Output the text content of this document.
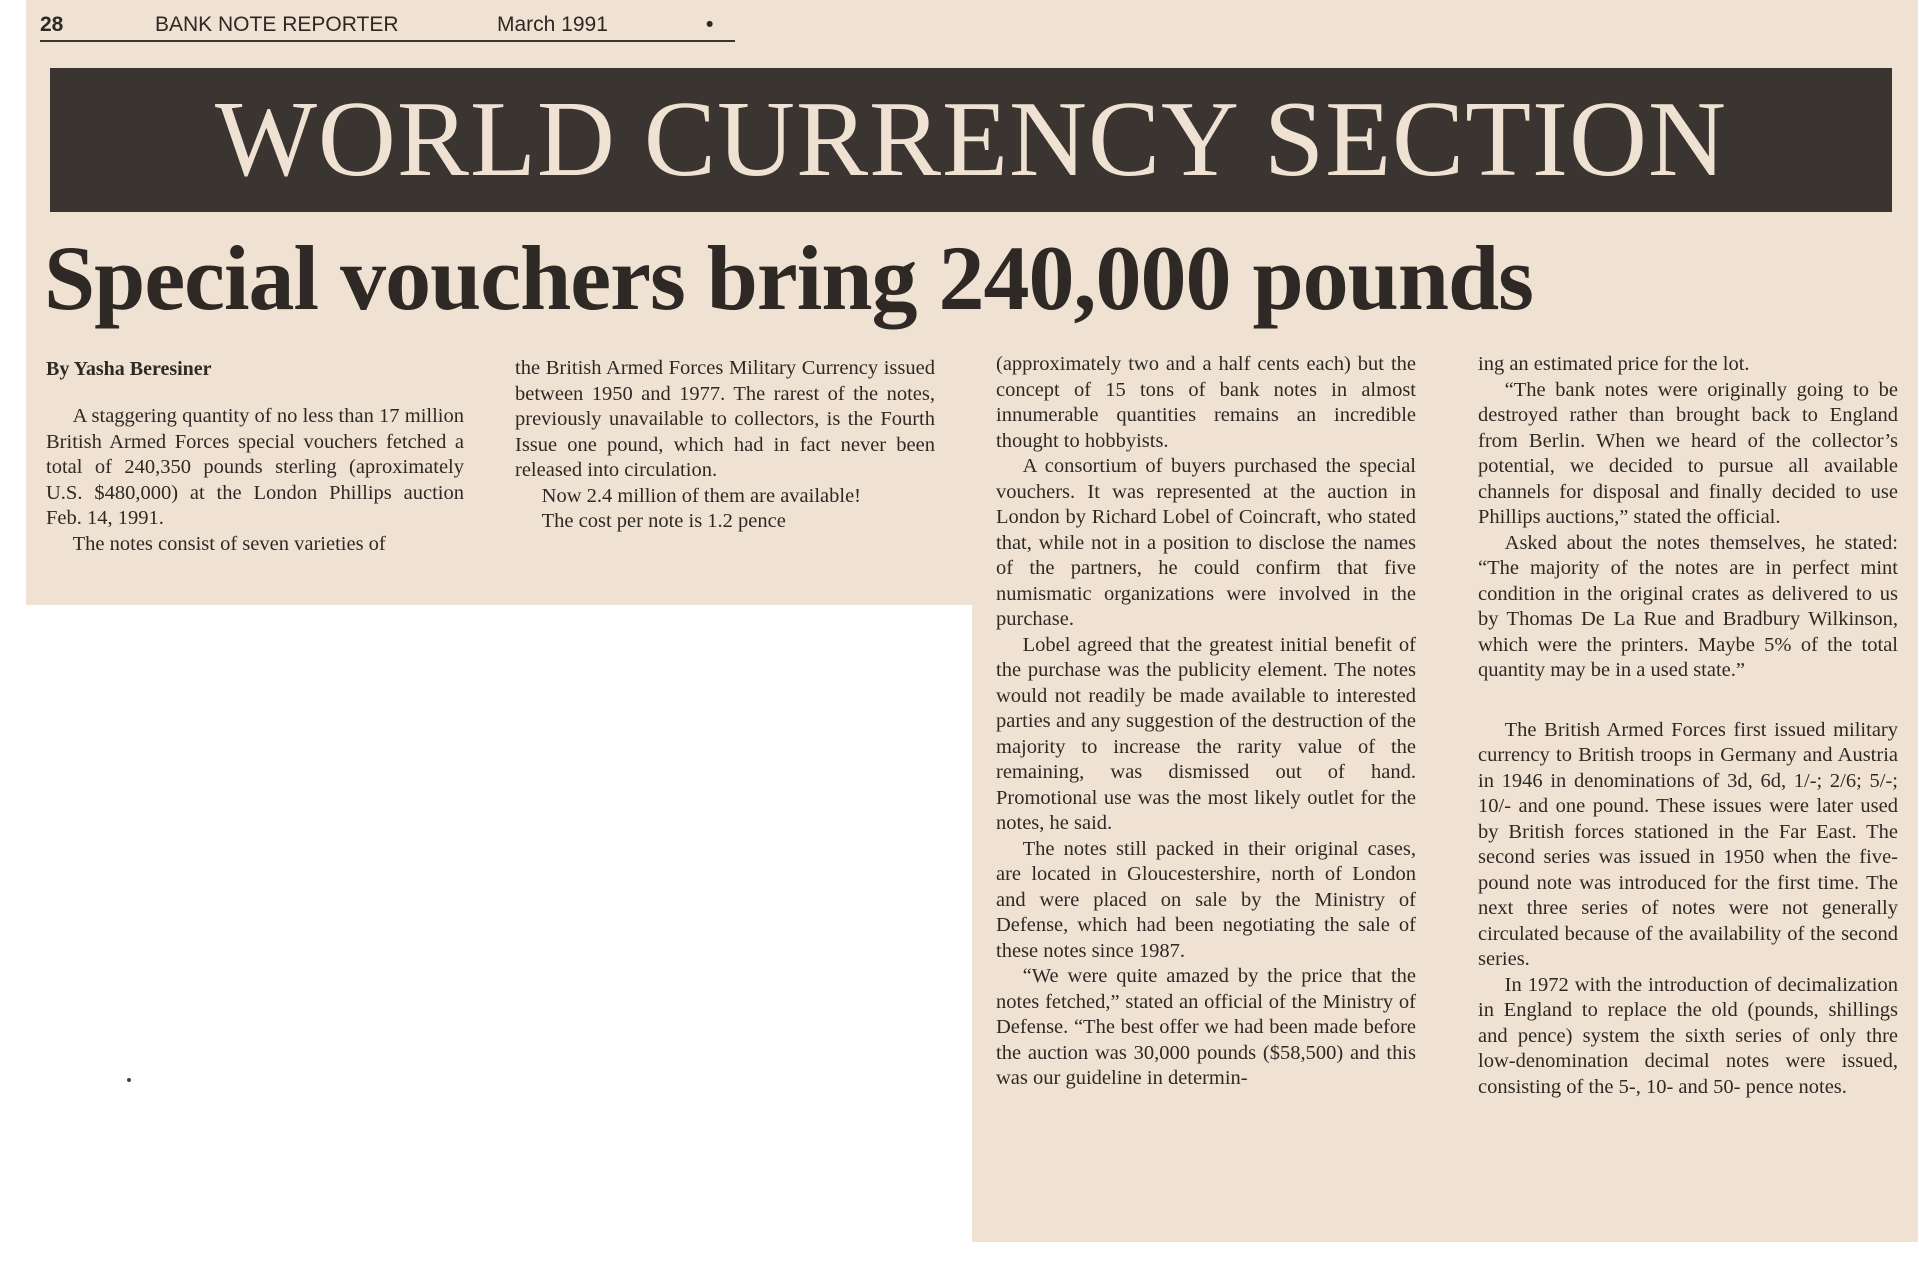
28	BANK NOTE REPORTER	March 1991	•
WORLD CURRENCY SECTION
Special vouchers bring 240,000 pounds

By Yasha Beresiner

A staggering quantity of no less than 17 million British Armed Forces special vouchers fetched a total of 240,350 pounds sterling (aproximately U.S. $480,000) at the London Phillips auction Feb. 14, 1991.

The notes consist of seven varieties of

the British Armed Forces Military Currency issued between 1950 and 1977. The rarest of the notes, previously unavailable to collectors, is the Fourth Issue one pound, which had in fact never been released into circulation.

Now 2.4 million of them are available!

The cost per note is 1.2 pence

(approximately two and a half cents each) but the concept of 15 tons of bank notes in almost innumerable quantities remains an incredible thought to hobbyists.

A consortium of buyers purchased the special vouchers. It was represented at the auction in London by Richard Lobel of Coincraft, who stated that, while not in a position to disclose the names of the partners, he could confirm that five numismatic organizations were involved in the purchase.

Lobel agreed that the greatest initial benefit of the purchase was the publicity element. The notes would not readily be made available to interested parties and any suggestion of the destruction of the majority to increase the rarity value of the remaining, was dismissed out of hand. Promotional use was the most likely outlet for the notes, he said.

The notes still packed in their original cases, are located in Gloucestershire, north of London and were placed on sale by the Ministry of Defense, which had been negotiating the sale of these notes since 1987.

“We were quite amazed by the price that the notes fetched,” stated an official of the Ministry of Defense. “The best offer we had been made before the auction was 30,000 pounds ($58,500) and this was our guideline in determin-

ing an estimated price for the lot.

“The bank notes were originally going to be destroyed rather than brought back to England from Berlin. When we heard of the collector’s potential, we decided to pursue all available channels for disposal and finally decided to use Phillips auctions,” stated the official.

Asked about the notes themselves, he stated: “The majority of the notes are in perfect mint condition in the original crates as delivered to us by Thomas De La Rue and Bradbury Wilkinson, which were the printers. Maybe 5% of the total quantity may be in a used state.”

The British Armed Forces first issued military currency to British troops in Germany and Austria in 1946 in denominations of 3d, 6d, 1/-; 2/6; 5/-; 10/- and one pound. These issues were later used by British forces stationed in the Far East. The second series was issued in 1950 when the five-pound note was introduced for the first time. The next three series of notes were not generally circulated because of the availability of the second series.

In 1972 with the introduction of decimalization in England to replace the old (pounds, shillings and pence) system the sixth series of only thre low-denomination decimal notes were issued, consisting of the 5-, 10- and 50- pence notes.
